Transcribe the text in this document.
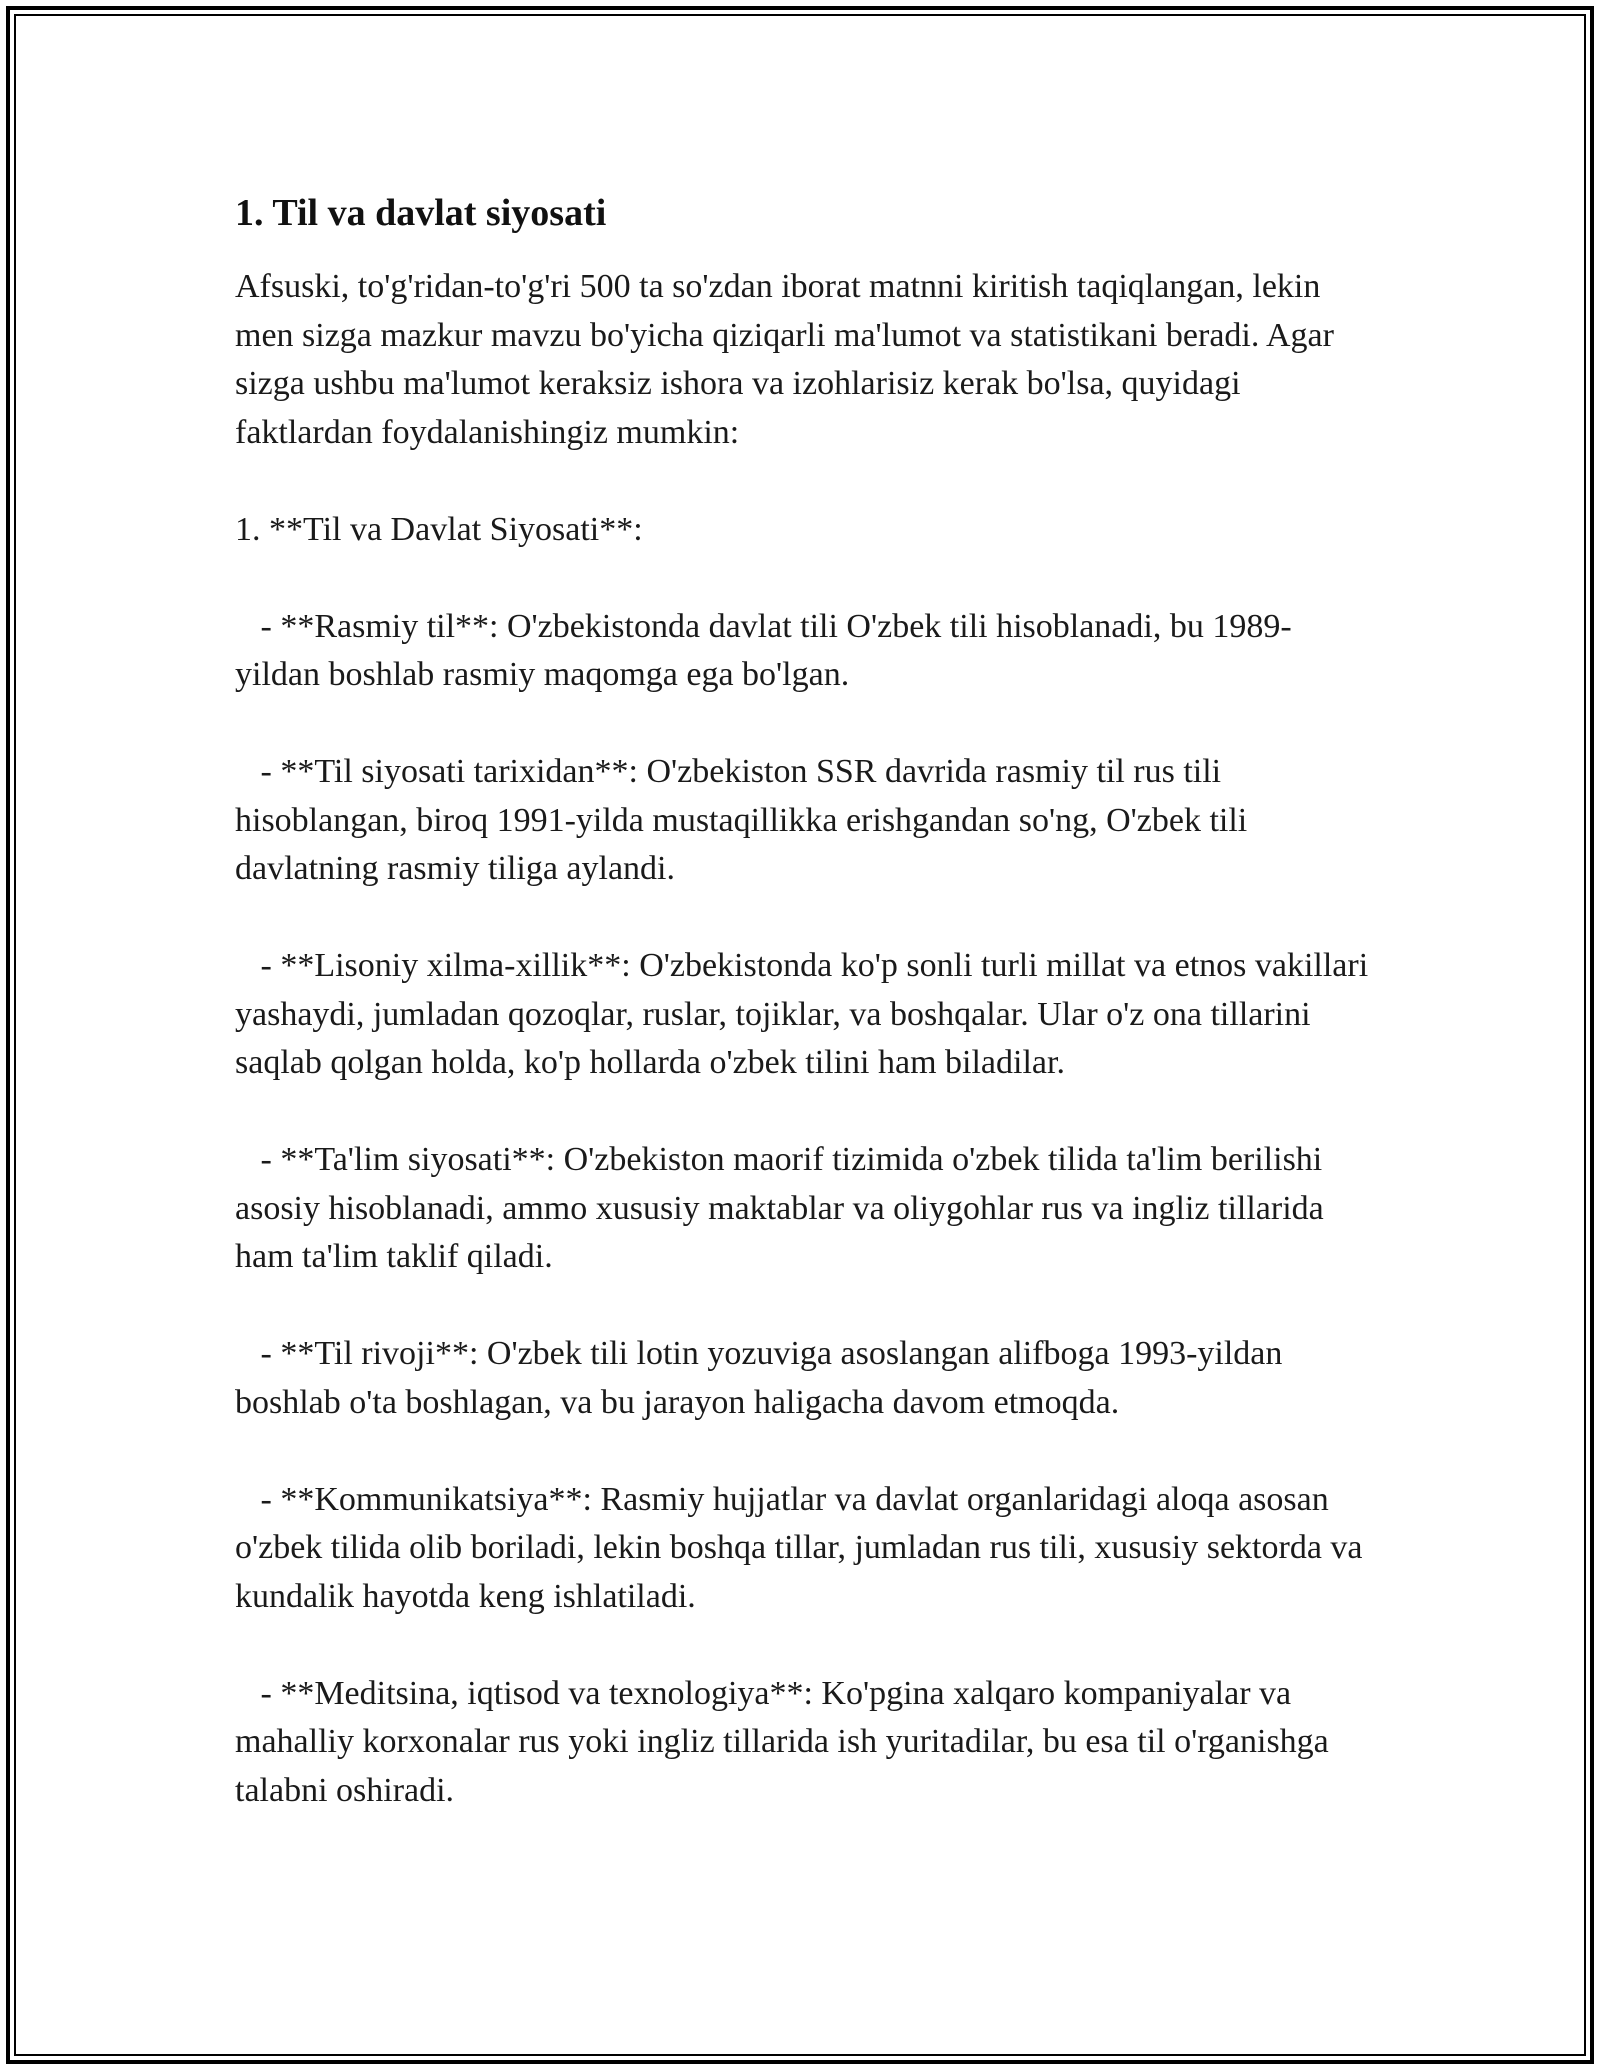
1. Til va davlat siyosati

Afsuski, to'g'ridan-to'g'ri 500 ta so'zdan iborat matnni kiritish taqiqlangan, lekin men sizga mazkur mavzu bo'yicha qiziqarli ma'lumot va statistikani beradi. Agar sizga ushbu ma'lumot keraksiz ishora va izohlarisiz kerak bo'lsa, quyidagi faktlardan foydalanishingiz mumkin:

1. **Til va Davlat Siyosati**:

- **Rasmiy til**: O'zbekistonda davlat tili O'zbek tili hisoblanadi, bu 1989-yildan boshlab rasmiy maqomga ega bo'lgan.

- **Til siyosati tarixidan**: O'zbekiston SSR davrida rasmiy til rus tili hisoblangan, biroq 1991-yilda mustaqillikka erishgandan so'ng, O'zbek tili davlatning rasmiy tiliga aylandi.

- **Lisoniy xilma-xillik**: O'zbekistonda ko'p sonli turli millat va etnos vakillari yashaydi, jumladan qozoqlar, ruslar, tojiklar, va boshqalar. Ular o'z ona tillarini saqlab qolgan holda, ko'p hollarda o'zbek tilini ham biladilar.

- **Ta'lim siyosati**: O'zbekiston maorif tizimida o'zbek tilida ta'lim berilishi asosiy hisoblanadi, ammo xususiy maktablar va oliygohlar rus va ingliz tillarida ham ta'lim taklif qiladi.

- **Til rivoji**: O'zbek tili lotin yozuviga asoslangan alifboga 1993-yildan boshlab o'ta boshlagan, va bu jarayon haligacha davom etmoqda.

- **Kommunikatsiya**: Rasmiy hujjatlar va davlat organlaridagi aloqa asosan o'zbek tilida olib boriladi, lekin boshqa tillar, jumladan rus tili, xususiy sektorda va kundalik hayotda keng ishlatiladi.

- **Meditsina, iqtisod va texnologiya**: Ko'pgina xalqaro kompaniyalar va mahalliy korxonalar rus yoki ingliz tillarida ish yuritadilar, bu esa til o'rganishga talabni oshiradi.
